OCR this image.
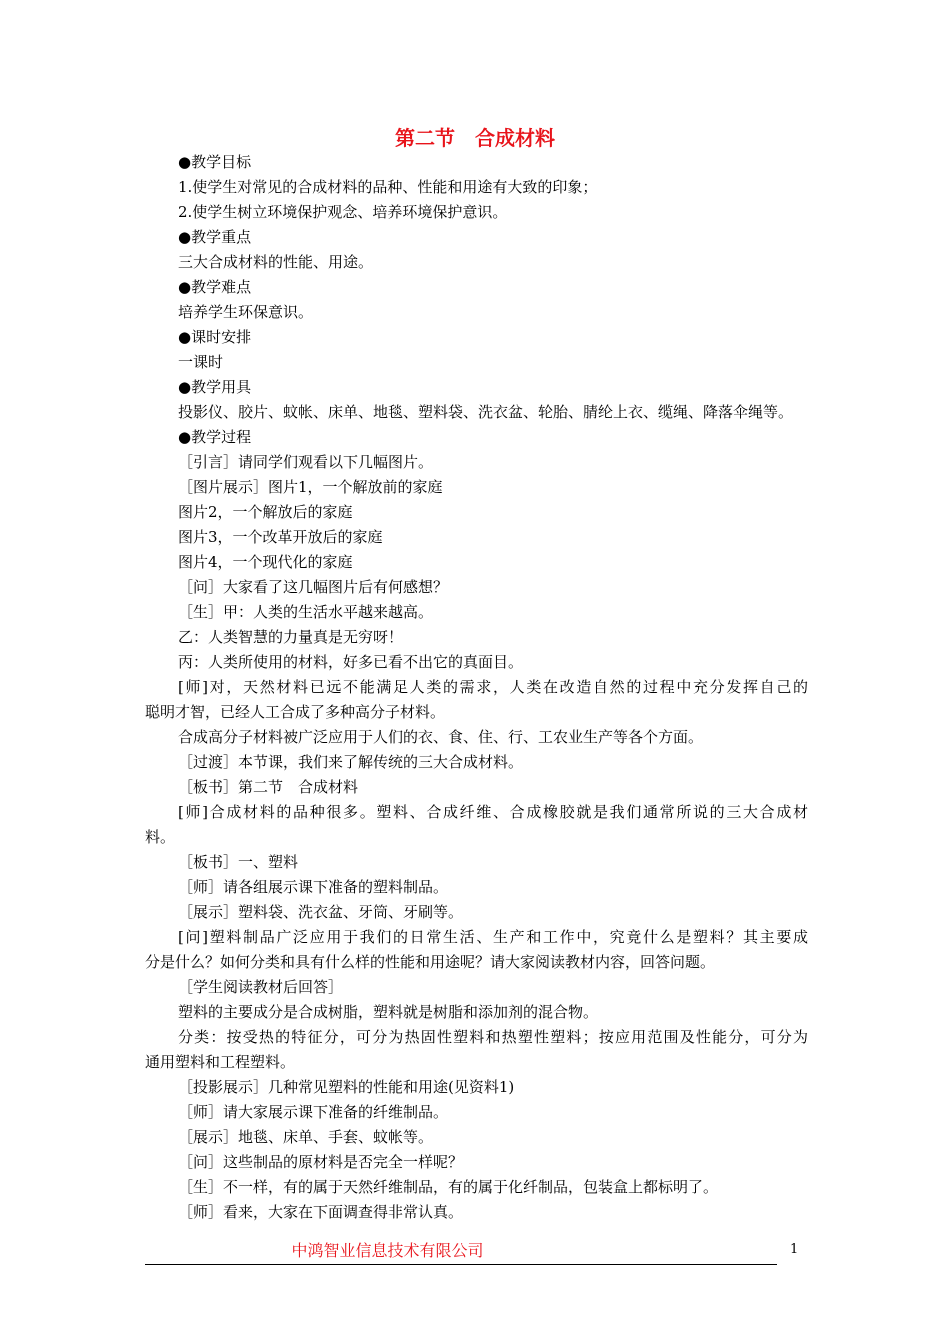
第二节　合成材料
●教学目标
1.使学生对常见的合成材料的品种、性能和用途有大致的印象；
2.使学生树立环境保护观念、培养环境保护意识。
●教学重点
三大合成材料的性能、用途。
●教学难点
培养学生环保意识。
●课时安排
一课时
●教学用具
投影仪、胶片、蚊帐、床单、地毯、塑料袋、洗衣盆、轮胎、腈纶上衣、缆绳、降落伞绳等。
●教学过程
［引言］请同学们观看以下几幅图片。
［图片展示］图片1，一个解放前的家庭
图片2，一个解放后的家庭
图片3，一个改革开放后的家庭
图片4，一个现代化的家庭
［问］大家看了这几幅图片后有何感想？
［生］甲：人类的生活水平越来越高。
乙：人类智慧的力量真是无穷呀！
丙：人类所使用的材料，好多已看不出它的真面目。
[师]对，天然材料已远不能满足人类的需求，人类在改造自然的过程中充分发挥自己的
聪明才智，已经人工合成了多种高分子材料。
合成高分子材料被广泛应用于人们的衣、食、住、行、工农业生产等各个方面。
［过渡］本节课，我们来了解传统的三大合成材料。
［板书］第二节　合成材料
[师]合成材料的品种很多。塑料、合成纤维、合成橡胶就是我们通常所说的三大合成材
料。
［板书］一、塑料
［师］请各组展示课下准备的塑料制品。
［展示］塑料袋、洗衣盆、牙筒、牙刷等。
[问]塑料制品广泛应用于我们的日常生活、生产和工作中，究竟什么是塑料？其主要成
分是什么？如何分类和具有什么样的性能和用途呢？请大家阅读教材内容，回答问题。
［学生阅读教材后回答］
塑料的主要成分是合成树脂，塑料就是树脂和添加剂的混合物。
分类：按受热的特征分，可分为热固性塑料和热塑性塑料；按应用范围及性能分，可分为
通用塑料和工程塑料。
［投影展示］几种常见塑料的性能和用途(见资料1)
［师］请大家展示课下准备的纤维制品。
［展示］地毯、床单、手套、蚊帐等。
［问］这些制品的原材料是否完全一样呢？
［生］不一样，有的属于天然纤维制品，有的属于化纤制品，包装盒上都标明了。
［师］看来，大家在下面调查得非常认真。
中鸿智业信息技术有限公司	1
